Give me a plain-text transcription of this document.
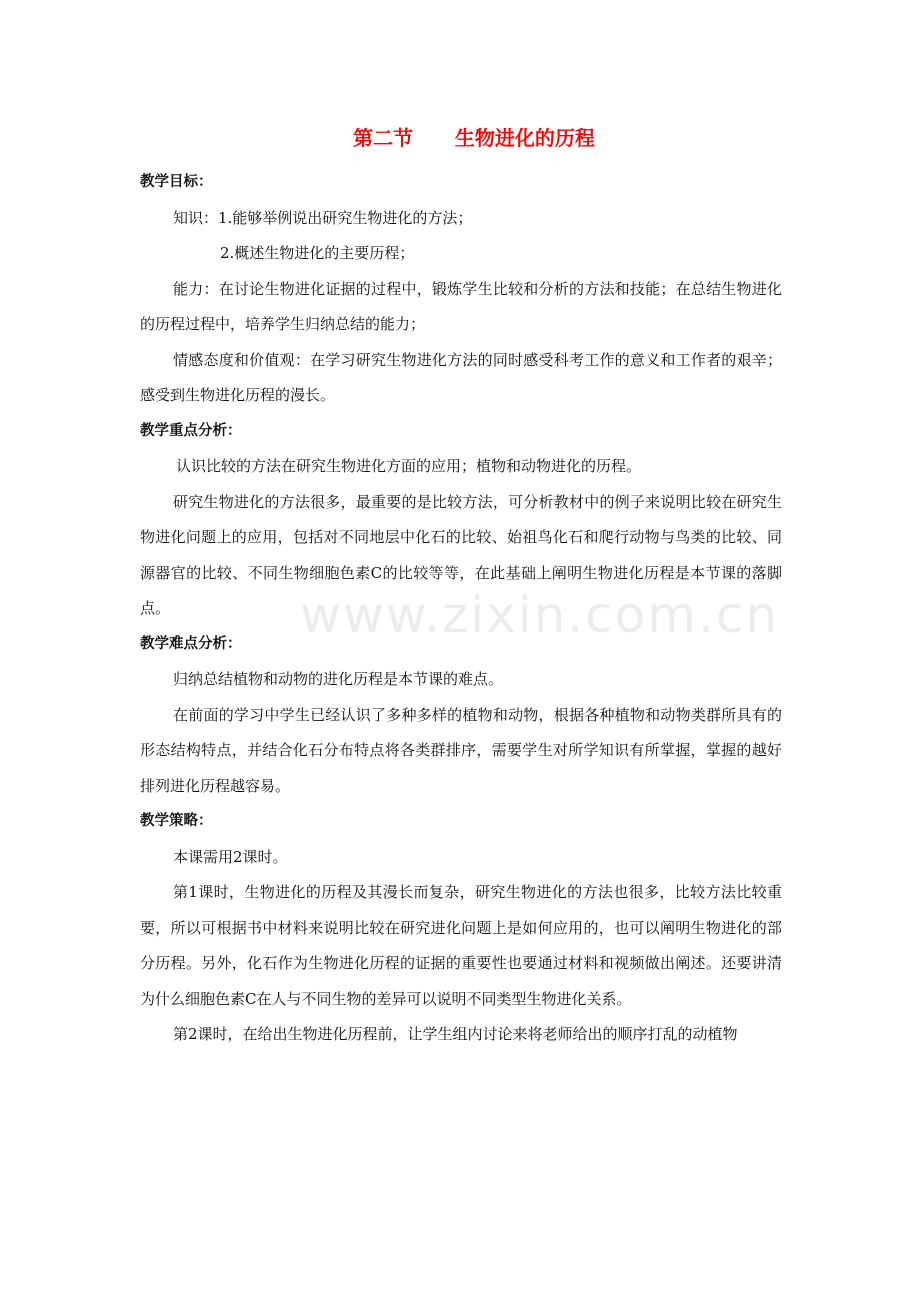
www.zixin.com.cn
第二节      生物进化的历程

教学目标：

知识：1.能够举例说出研究生物进化的方法；

2.概述生物进化的主要历程；

能力：在讨论生物进化证据的过程中，锻炼学生比较和分析的方法和技能；在总结生物进化的历程过程中，培养学生归纳总结的能力；

情感态度和价值观：在学习研究生物进化方法的同时感受科考工作的意义和工作者的艰辛；感受到生物进化历程的漫长。

教学重点分析：

认识比较的方法在研究生物进化方面的应用；植物和动物进化的历程。

研究生物进化的方法很多，最重要的是比较方法，可分析教材中的例子来说明比较在研究生物进化问题上的应用，包括对不同地层中化石的比较、始祖鸟化石和爬行动物与鸟类的比较、同源器官的比较、不同生物细胞色素C的比较等等，在此基础上阐明生物进化历程是本节课的落脚点。

教学难点分析：

归纳总结植物和动物的进化历程是本节课的难点。

在前面的学习中学生已经认识了多种多样的植物和动物，根据各种植物和动物类群所具有的形态结构特点，并结合化石分布特点将各类群排序，需要学生对所学知识有所掌握，掌握的越好排列进化历程越容易。

教学策略：

本课需用2课时。

第1课时，生物进化的历程及其漫长而复杂，研究生物进化的方法也很多，比较方法比较重要，所以可根据书中材料来说明比较在研究进化问题上是如何应用的，也可以阐明生物进化的部分历程。另外，化石作为生物进化历程的证据的重要性也要通过材料和视频做出阐述。还要讲清为什么细胞色素C在人与不同生物的差异可以说明不同类型生物进化关系。

第2课时，在给出生物进化历程前，让学生组内讨论来将老师给出的顺序打乱的动植物
